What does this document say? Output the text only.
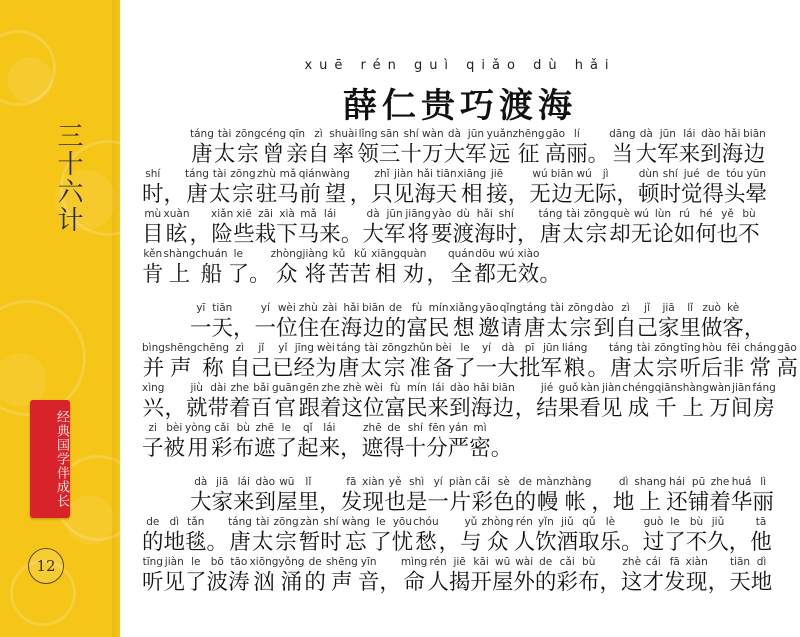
三十六计
经典国学伴成长
12
xuē rén guì qiǎo dù hǎi
薛仁贵巧渡海
táng
唐
tài
太
zōng
宗
céng
曾
qīn
亲
zì
自
shuài
率
lǐng
领
sān
三
shí
十
wàn
万
dà
大
jūn
军
yuǎn
远
zhēng
征
gāo
高
lí
丽
。
dāng
当
dà
大
jūn
军
lái
来
dào
到
hǎi
海
biān
边
shí
时
，
táng
唐
tài
太
zōng
宗
zhù
驻
mǎ
马
qián
前
wàng
望
，
zhǐ
只
jiàn
见
hǎi
海
tiān
天
xiāng
相
jiē
接
，
wú
无
biān
边
wú
无
jì
际
，
dùn
顿
shí
时
jué
觉
de
得
tóu
头
yūn
晕
mù
目
xuàn
眩
，
xiǎn
险
xiē
些
zāi
栽
xià
下
mǎ
马
lái
来
。
dà
大
jūn
军
jiāng
将
yào
要
dù
渡
hǎi
海
shí
时
，
táng
唐
tài
太
zōng
宗
què
却
wú
无
lùn
论
rú
如
hé
何
yě
也
bù
不
kěn
肯
shàng
上
chuán
船
le
了
。
zhòng
众
jiàng
将
kǔ
苦
kǔ
苦
xiāng
相
quàn
劝
，
quán
全
dōu
都
wú
无
xiào
效
。
yī
一
tiān
天
，
yí
一
wèi
位
zhù
住
zài
在
hǎi
海
biān
边
de
的
fù
富
mín
民
xiǎng
想
yāo
邀
qǐng
请
táng
唐
tài
太
zōng
宗
dào
到
zì
自
jǐ
己
jiā
家
lǐ
里
zuò
做
kè
客
，
bìng
并
shēng
声
chēng
称
zì
自
jǐ
己
yǐ
已
jīng
经
wèi
为
táng
唐
tài
太
zōng
宗
zhǔn
准
bèi
备
le
了
yí
一
dà
大
pī
批
jūn
军
liáng
粮
。
táng
唐
tài
太
zōng
宗
tīng
听
hòu
后
fēi
非
cháng
常
gāo
高
xìng
兴
，
jiù
就
dài
带
zhe
着
bǎi
百
guān
官
gēn
跟
zhe
着
zhè
这
wèi
位
fù
富
mín
民
lái
来
dào
到
hǎi
海
biān
边
，
jié
结
guǒ
果
kàn
看
jiàn
见
chéng
成
qiān
千
shàng
上
wàn
万
jiān
间
fáng
房
zi
子
bèi
被
yòng
用
cǎi
彩
bù
布
zhē
遮
le
了
qǐ
起
lái
来
，
zhē
遮
de
得
shí
十
fēn
分
yán
严
mì
密
。
dà
大
jiā
家
lái
来
dào
到
wū
屋
lǐ
里
，
fā
发
xiàn
现
yě
也
shì
是
yí
一
piàn
片
cǎi
彩
sè
色
de
的
màn
幔
zhàng
帐
，
dì
地
shang
上
hái
还
pū
铺
zhe
着
huá
华
lì
丽
de
的
dì
地
tǎn
毯
。
táng
唐
tài
太
zōng
宗
zàn
暂
shí
时
wàng
忘
le
了
yōu
忧
chóu
愁
，
yǔ
与
zhòng
众
rén
人
yǐn
饮
jiǔ
酒
qǔ
取
lè
乐
。
guò
过
le
了
bù
不
jiǔ
久
，
tā
他
tīng
听
jiàn
见
le
了
bō
波
tāo
涛
xiōng
汹
yǒng
涌
de
的
shēng
声
yīn
音
，
mìng
命
rén
人
jiē
揭
kāi
开
wū
屋
wài
外
de
的
cǎi
彩
bù
布
，
zhè
这
cái
才
fā
发
xiàn
现
，
tiān
天
dì
地
